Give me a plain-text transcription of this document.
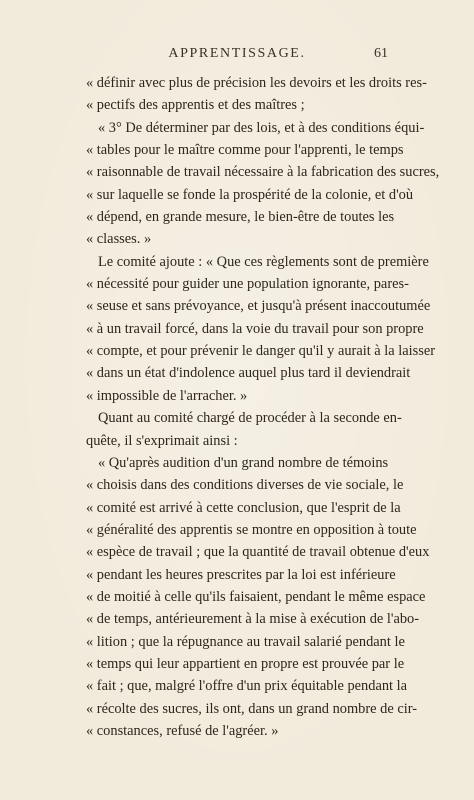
APPRENTISSAGE.	61
« définir avec plus de précision les devoirs et les droits res-
« pectifs des apprentis et des maîtres ;
« 3° De déterminer par des lois, et à des conditions équi-
« tables pour le maître comme pour l'apprenti, le temps
« raisonnable de travail nécessaire à la fabrication des sucres,
« sur laquelle se fonde la prospérité de la colonie, et d'où
« dépend, en grande mesure, le bien-être de toutes les
« classes. »
Le comité ajoute : « Que ces règlements sont de première
« nécessité pour guider une population ignorante, pares-
« seuse et sans prévoyance, et jusqu'à présent inaccoutumée
« à un travail forcé, dans la voie du travail pour son propre
« compte, et pour prévenir le danger qu'il y aurait à la laisser
« dans un état d'indolence auquel plus tard il deviendrait
« impossible de l'arracher. »
Quant au comité chargé de procéder à la seconde en-
quête, il s'exprimait ainsi :
« Qu'après audition d'un grand nombre de témoins
« choisis dans des conditions diverses de vie sociale, le
« comité est arrivé à cette conclusion, que l'esprit de la
« généralité des apprentis se montre en opposition à toute
« espèce de travail ; que la quantité de travail obtenue d'eux
« pendant les heures prescrites par la loi est inférieure
« de moitié à celle qu'ils faisaient, pendant le même espace
« de temps, antérieurement à la mise à exécution de l'abo-
« lition ; que la répugnance au travail salarié pendant le
« temps qui leur appartient en propre est prouvée par le
« fait ; que, malgré l'offre d'un prix équitable pendant la
« récolte des sucres, ils ont, dans un grand nombre de cir-
« constances, refusé de l'agréer. »
